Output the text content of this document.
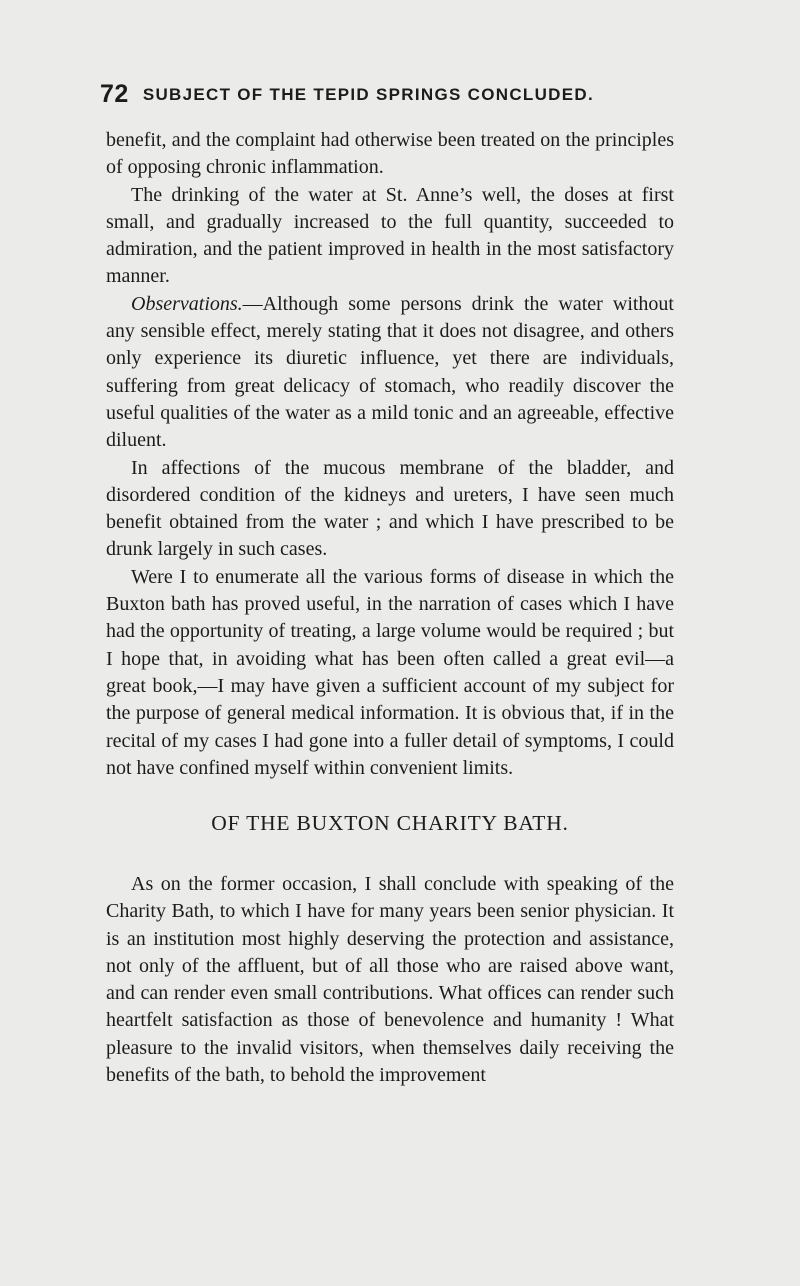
72 SUBJECT OF THE TEPID SPRINGS CONCLUDED.

benefit, and the complaint had otherwise been treated on the principles of opposing chronic inflammation.

The drinking of the water at St. Anne’s well, the doses at first small, and gradually increased to the full quantity, succeeded to admiration, and the patient improved in health in the most satisfactory manner.

Observations.—Although some persons drink the water without any sensible effect, merely stating that it does not disagree, and others only experience its diuretic influence, yet there are individuals, suffering from great delicacy of stomach, who readily discover the useful qualities of the water as a mild tonic and an agreeable, effective diluent.

In affections of the mucous membrane of the bladder, and disordered condition of the kidneys and ureters, I have seen much benefit obtained from the water ; and which I have prescribed to be drunk largely in such cases.

Were I to enumerate all the various forms of disease in which the Buxton bath has proved useful, in the narration of cases which I have had the opportunity of treating, a large volume would be required ; but I hope that, in avoiding what has been often called a great evil—a great book,—I may have given a sufficient account of my subject for the purpose of general medical information. It is obvious that, if in the recital of my cases I had gone into a fuller detail of symptoms, I could not have confined myself within convenient limits.

OF THE BUXTON CHARITY BATH.

As on the former occasion, I shall conclude with speaking of the Charity Bath, to which I have for many years been senior physician. It is an institution most highly deserving the protection and assistance, not only of the affluent, but of all those who are raised above want, and can render even small contributions. What offices can render such heartfelt satisfaction as those of benevolence and humanity ! What pleasure to the invalid visitors, when themselves daily receiving the benefits of the bath, to behold the improvement
